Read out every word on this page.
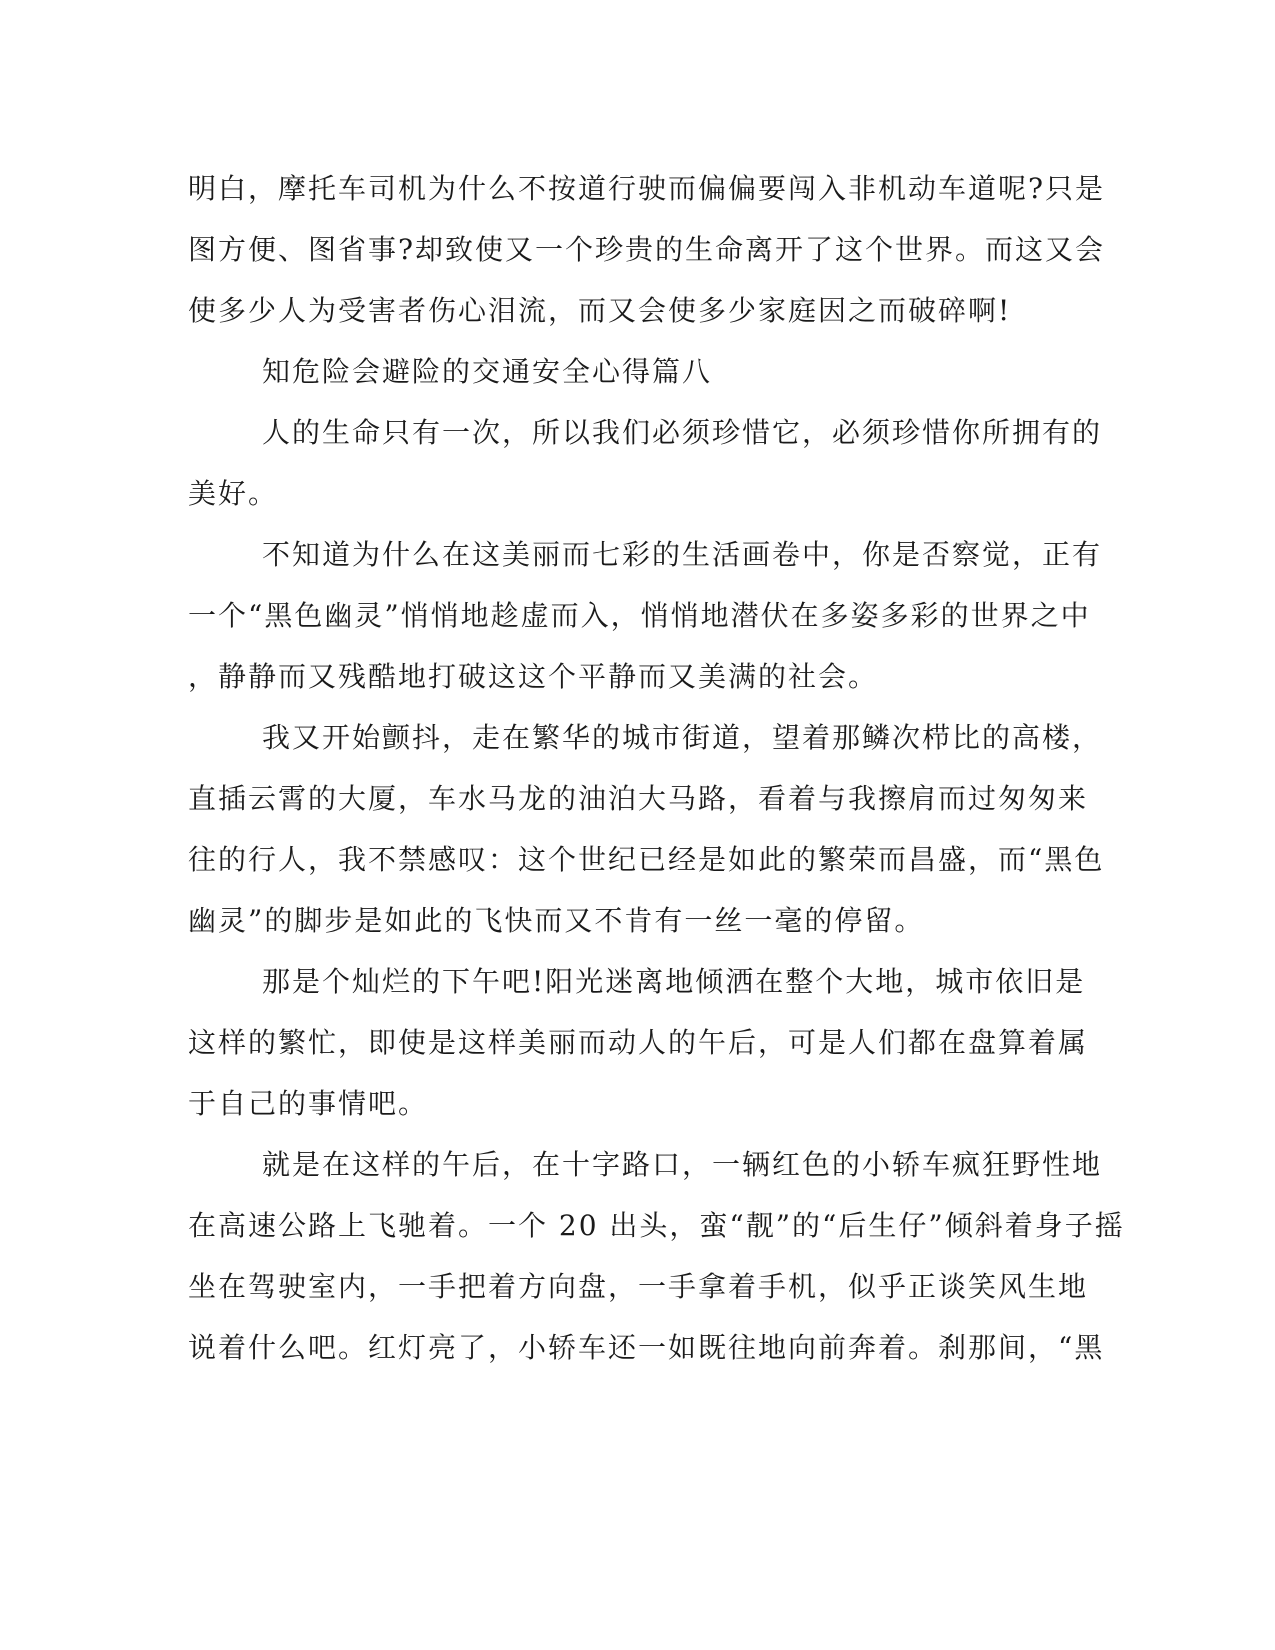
明白，摩托车司机为什么不按道行驶而偏偏要闯入非机动车道呢?只是
图方便、图省事?却致使又一个珍贵的生命离开了这个世界。而这又会
使多少人为受害者伤心泪流，而又会使多少家庭因之而破碎啊!
知危险会避险的交通安全心得篇八
人的生命只有一次，所以我们必须珍惜它，必须珍惜你所拥有的
美好。
不知道为什么在这美丽而七彩的生活画卷中，你是否察觉，正有
一个“黑色幽灵”悄悄地趁虚而入，悄悄地潜伏在多姿多彩的世界之中
，静静而又残酷地打破这这个平静而又美满的社会。
我又开始颤抖，走在繁华的城市街道，望着那鳞次栉比的高楼，
直插云霄的大厦，车水马龙的油泊大马路，看着与我擦肩而过匆匆来
往的行人，我不禁感叹：这个世纪已经是如此的繁荣而昌盛，而“黑色
幽灵”的脚步是如此的飞快而又不肯有一丝一毫的停留。
那是个灿烂的下午吧!阳光迷离地倾洒在整个大地，城市依旧是
这样的繁忙，即使是这样美丽而动人的午后，可是人们都在盘算着属
于自己的事情吧。
就是在这样的午后，在十字路口，一辆红色的小轿车疯狂野性地
在高速公路上飞驰着。一个 20 出头，蛮“靓”的“后生仔”倾斜着身子摇
坐在驾驶室内，一手把着方向盘，一手拿着手机，似乎正谈笑风生地
说着什么吧。红灯亮了，小轿车还一如既往地向前奔着。刹那间，“黑
